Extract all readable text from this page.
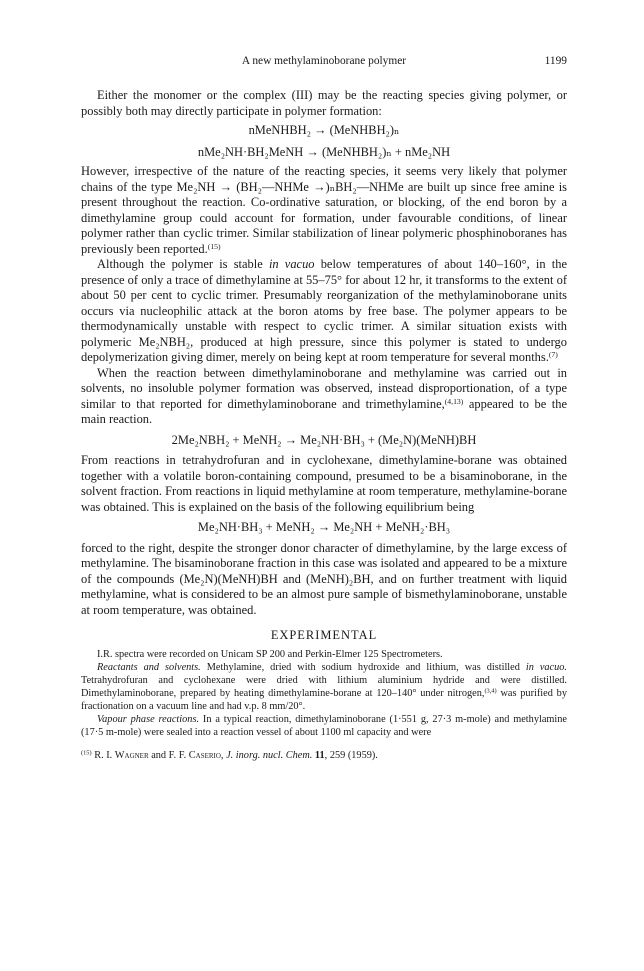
A new methylaminoborane polymer	1199

Either the monomer or the complex (III) may be the reacting species giving polymer, or possibly both may directly participate in polymer formation:

nMeNHBH₂ → (MeNHBH₂)ₙ

nMe₂NH·BH₂MeNH → (MeNHBH₂)ₙ + nMe₂NH

However, irrespective of the nature of the reacting species, it seems very likely that polymer chains of the type Me₂NH → (BH₂—NHMe →)ₙBH₂—NHMe are built up since free amine is present throughout the reaction. Co-ordinative saturation, or blocking, of the end boron by a dimethylamine group could account for formation, under favourable conditions, of linear polymer rather than cyclic trimer. Similar stabilization of linear polymeric phosphinoboranes has previously been reported.$^{(15)}$

Although the polymer is stable in vacuo below temperatures of about 140–160°, in the presence of only a trace of dimethylamine at 55–75° for about 12 hr, it transforms to the extent of about 50 per cent to cyclic trimer. Presumably reorganization of the methylaminoborane units occurs via nucleophilic attack at the boron atoms by free base. The polymer appears to be thermodynamically unstable with respect to cyclic trimer. A similar situation exists with polymeric Me₂NBH₂, produced at high pressure, since this polymer is stated to undergo depolymerization giving dimer, merely on being kept at room temperature for several months.$^{(7)}$

When the reaction between dimethylaminoborane and methylamine was carried out in solvents, no insoluble polymer formation was observed, instead disproportionation, of a type similar to that reported for dimethylaminoborane and trimethylamine,$^{(4,13)}$ appeared to be the main reaction.

2Me₂NBH₂ + MeNH₂ → Me₂NH·BH₃ + (Me₂N)(MeNH)BH

From reactions in tetrahydrofuran and in cyclohexane, dimethylamine-borane was obtained together with a volatile boron-containing compound, presumed to be a bisaminoborane, in the solvent fraction. From reactions in liquid methylamine at room temperature, methylamine-borane was obtained. This is explained on the basis of the following equilibrium being

Me₂NH·BH₃ + MeNH₂ → Me₂NH + MeNH₂·BH₃

forced to the right, despite the stronger donor character of dimethylamine, by the large excess of methylamine. The bisaminoborane fraction in this case was isolated and appeared to be a mixture of the compounds (Me₂N)(MeNH)BH and (MeNH)₂BH, and on further treatment with liquid methylamine, what is considered to be an almost pure sample of bismethylaminoborane, unstable at room temperature, was obtained.

EXPERIMENTAL

I.R. spectra were recorded on Unicam SP 200 and Perkin-Elmer 125 Spectrometers.

Reactants and solvents. Methylamine, dried with sodium hydroxide and lithium, was distilled in vacuo. Tetrahydrofuran and cyclohexane were dried with lithium aluminium hydride and were distilled. Dimethylaminoborane, prepared by heating dimethylamine-borane at 120–140° under nitrogen,$^{(3,4)}$ was purified by fractionation on a vacuum line and had v.p. 8 mm/20°.

Vapour phase reactions. In a typical reaction, dimethylaminoborane (1·551 g, 27·3 m-mole) and methylamine (17·5 m-mole) were sealed into a reaction vessel of about 1100 ml capacity and were

$^{(15)}$ R. I. Wagner and F. F. Caserio, J. inorg. nucl. Chem. 11, 259 (1959).
